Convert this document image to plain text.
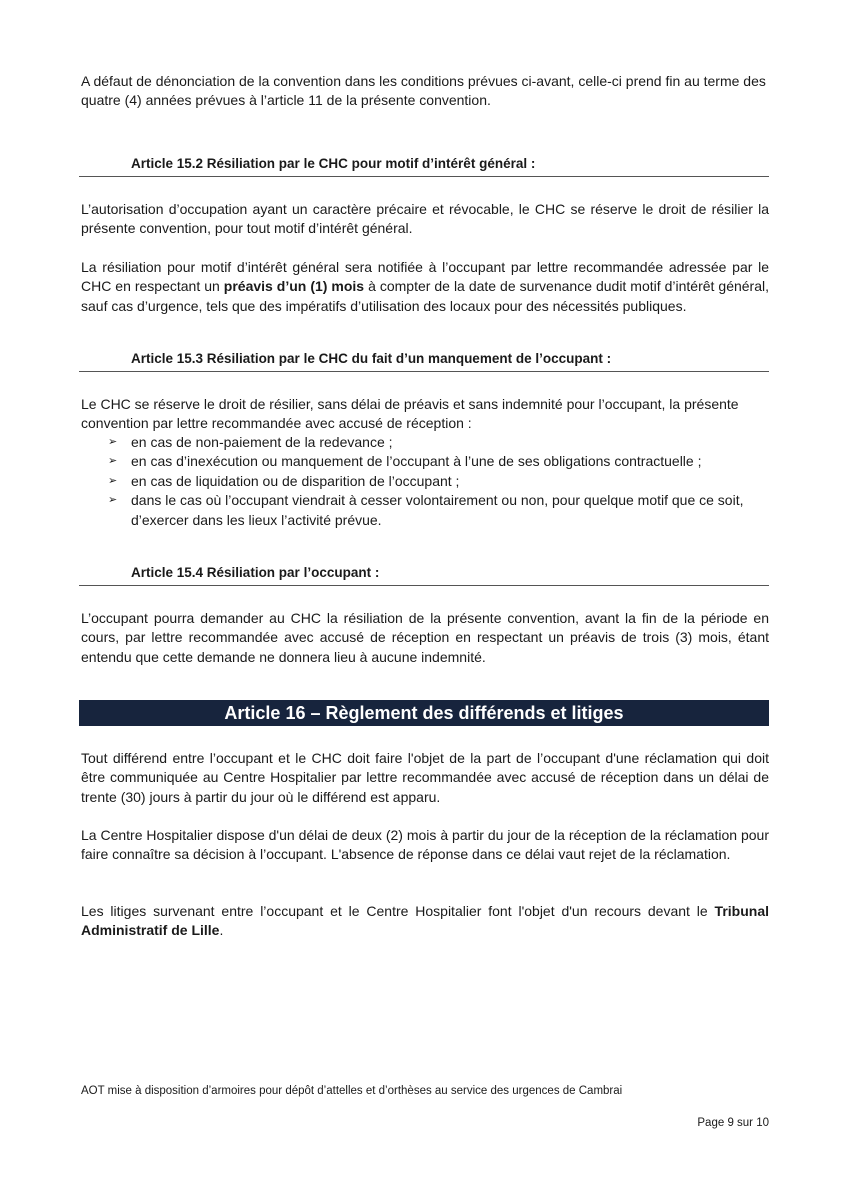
A défaut de dénonciation de la convention dans les conditions prévues ci-avant, celle-ci prend fin au terme des quatre (4) années prévues à l’article 11 de la présente convention.

Article 15.2 Résiliation par le CHC pour motif d’intérêt général :

L’autorisation d’occupation ayant un caractère précaire et révocable, le CHC se réserve le droit de résilier la présente convention, pour tout motif d’intérêt général.

La résiliation pour motif d’intérêt général sera notifiée à l’occupant par lettre recommandée adressée par le CHC en respectant un préavis d’un (1) mois à compter de la date de survenance dudit motif d’intérêt général, sauf cas d’urgence, tels que des impératifs d’utilisation des locaux pour des nécessités publiques.

Article 15.3 Résiliation par le CHC du fait d’un manquement de l’occupant :

Le CHC se réserve le droit de résilier, sans délai de préavis et sans indemnité pour l’occupant, la présente convention par lettre recommandée avec accusé de réception :

➢ en cas de non-paiement de la redevance ;
➢ en cas d’inexécution ou manquement de l’occupant à l’une de ses obligations contractuelle ;
➢ en cas de liquidation ou de disparition de l’occupant ;
➢ dans le cas où l’occupant viendrait à cesser volontairement ou non, pour quelque motif que ce soit, d’exercer dans les lieux l’activité prévue.
Article 15.4 Résiliation par l’occupant :

L’occupant pourra demander au CHC la résiliation de la présente convention, avant la fin de la période en cours, par lettre recommandée avec accusé de réception en respectant un préavis de trois (3) mois, étant entendu que cette demande ne donnera lieu à aucune indemnité.

Article 16 – Règlement des différends et litiges

Tout différend entre l’occupant et le CHC doit faire l'objet de la part de l’occupant d'une réclamation qui doit être communiquée au Centre Hospitalier par lettre recommandée avec accusé de réception dans un délai de trente (30) jours à partir du jour où le différend est apparu.

La Centre Hospitalier dispose d'un délai de deux (2) mois à partir du jour de la réception de la réclamation pour faire connaître sa décision à l’occupant. L'absence de réponse dans ce délai vaut rejet de la réclamation.

Les litiges survenant entre l’occupant et le Centre Hospitalier font l'objet d'un recours devant le Tribunal Administratif de Lille.

AOT mise à disposition d’armoires pour dépôt d’attelles et d’orthèses au service des urgences de Cambrai
Page 9 sur 10
